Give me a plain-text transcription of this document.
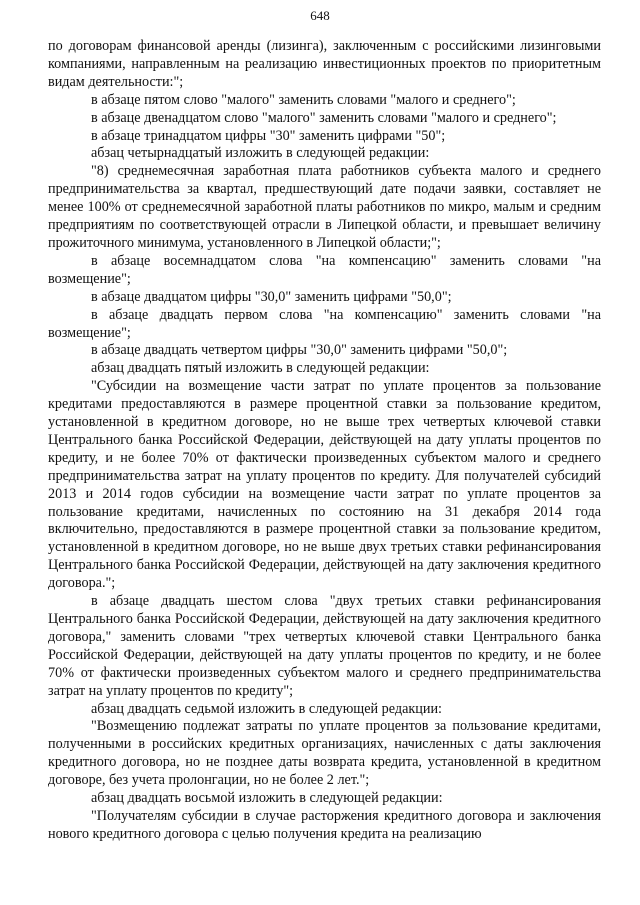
648

по договорам финансовой аренды (лизинга), заключенным с российскими лизинговыми компаниями, направленным на реализацию инвестиционных проектов по приоритетным видам деятельности:";

в абзаце пятом слово "малого" заменить словами "малого и среднего";

в абзаце двенадцатом слово "малого" заменить словами "малого и среднего";

в абзаце тринадцатом цифры "30" заменить цифрами "50";

абзац четырнадцатый изложить в следующей редакции:

"8) среднемесячная заработная плата работников субъекта малого и среднего предпринимательства за квартал, предшествующий дате подачи заявки, составляет не менее 100% от среднемесячной заработной платы работников по микро, малым и средним предприятиям по соответствующей отрасли в Липецкой области, и превышает величину прожиточного минимума, установленного в Липецкой области;";

в абзаце восемнадцатом слова "на компенсацию" заменить словами "на возмещение";

в абзаце двадцатом цифры "30,0" заменить цифрами "50,0";

в абзаце двадцать первом слова "на компенсацию" заменить словами "на возмещение";

в абзаце двадцать четвертом цифры "30,0" заменить цифрами "50,0";

абзац двадцать пятый изложить в следующей редакции:

"Субсидии на возмещение части затрат по уплате процентов за пользование кредитами предоставляются в размере процентной ставки за пользование кредитом, установленной в кредитном договоре, но не выше трех четвертых ключевой ставки Центрального банка Российской Федерации, действующей на дату уплаты процентов по кредиту, и не более 70% от фактически произведенных субъектом малого и среднего предпринимательства затрат на уплату процентов по кредиту. Для получателей субсидий 2013 и 2014 годов субсидии на возмещение части затрат по уплате процентов за пользование кредитами, начисленных по состоянию на 31 декабря 2014 года включительно, предоставляются в размере процентной ставки за пользование кредитом, установленной в кредитном договоре, но не выше двух третьих ставки рефинансирования Центрального банка Российской Федерации, действующей на дату заключения кредитного договора.";

в абзаце двадцать шестом слова "двух третьих ставки рефинансирования Центрального банка Российской Федерации, действующей на дату заключения кредитного договора," заменить словами "трех четвертых ключевой ставки Центрального банка Российской Федерации, действующей на дату уплаты процентов по кредиту, и не более 70% от фактически произведенных субъектом малого и среднего предпринимательства затрат на уплату процентов по кредиту";

абзац двадцать седьмой изложить в следующей редакции:

"Возмещению подлежат затраты по уплате процентов за пользование кредитами, полученными в российских кредитных организациях, начисленных с даты заключения кредитного договора, но не позднее даты возврата кредита, установленной в кредитном договоре, без учета пролонгации, но не более 2 лет.";

абзац двадцать восьмой изложить в следующей редакции:

"Получателям субсидии в случае расторжения кредитного договора и заключения нового кредитного договора с целью получения кредита на реализацию
